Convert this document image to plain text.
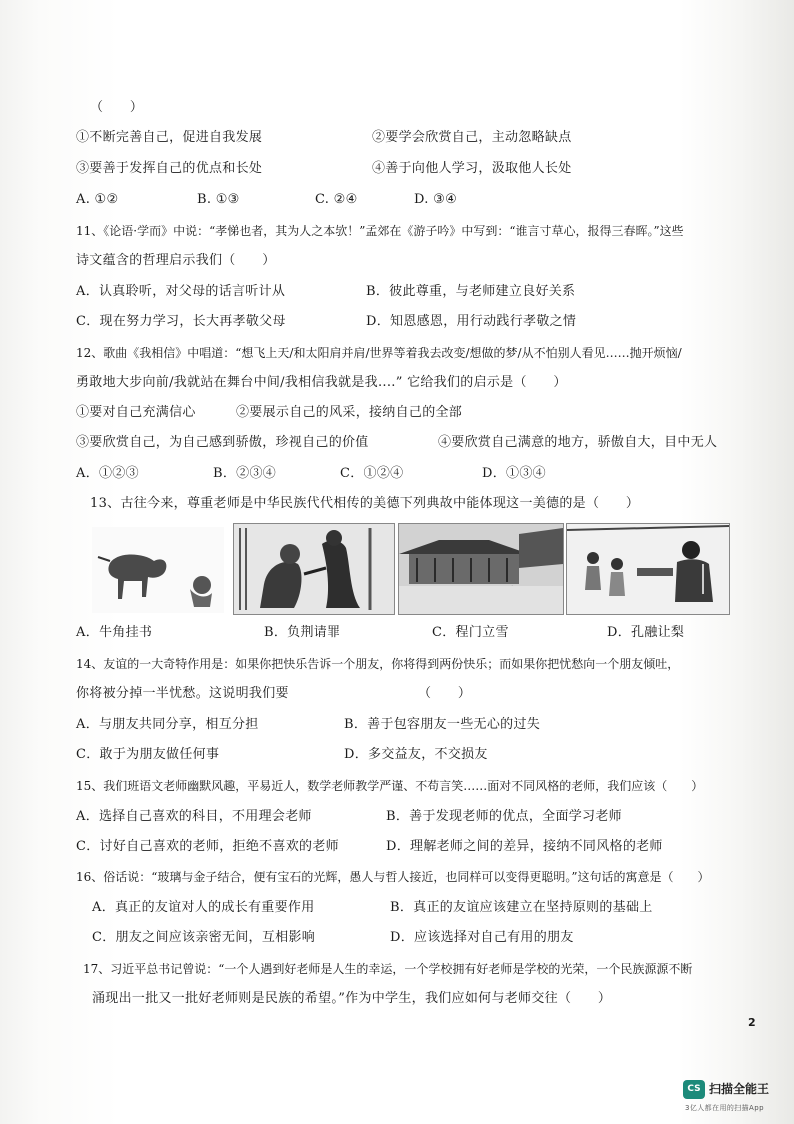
（　　）
①不断完善自己，促进自我发展	②要学会欣赏自己，主动忽略缺点
③要善于发挥自己的优点和长处	④善于向他人学习，汲取他人长处
A. ①②	B. ①③	C. ②④	D. ③④
11、《论语·学而》中说：“孝悌也者，其为人之本欤！”孟郊在《游子吟》中写到：“谁言寸草心，报得三春晖。”这些
诗文蕴含的哲理启示我们（　　）
A．认真聆听，对父母的话言听计从	B．彼此尊重，与老师建立良好关系
C．现在努力学习，长大再孝敬父母	D．知恩感恩，用行动践行孝敬之情
12、歌曲《我相信》中唱道：“想飞上天/和太阳肩并肩/世界等着我去改变/想做的梦/从不怕别人看见……抛开烦恼/
勇敢地大步向前/我就站在舞台中间/我相信我就是我....” 它给我们的启示是（　　）
①要对自己充满信心	②要展示自己的风采，接纳自己的全部
③要欣赏自己，为自己感到骄傲，珍视自己的价值	④要欣赏自己满意的地方，骄傲自大，目中无人
A．①②③	B．②③④	C．①②④	D．①③④
13、古往今来，尊重老师是中华民族代代相传的美德下列典故中能体现这一美德的是（　　）
A．牛角挂书	B．负荆请罪	C．程门立雪	D．孔融让梨
14、友谊的一大奇特作用是：如果你把快乐告诉一个朋友，你将得到两份快乐；而如果你把忧愁向一个朋友倾吐，
你将被分掉一半忧愁。这说明我们要	（　　）
A．与朋友共同分享，相互分担	B．善于包容朋友一些无心的过失
C．敢于为朋友做任何事	D．多交益友，不交损友
15、我们班语文老师幽默风趣，平易近人，数学老师教学严谨、不苟言笑……面对不同风格的老师，我们应该（　　）
A．选择自己喜欢的科目，不用理会老师	B．善于发现老师的优点，全面学习老师
C．讨好自己喜欢的老师，拒绝不喜欢的老师	D．理解老师之间的差异，接纳不同风格的老师
16、俗话说：“玻璃与金子结合，便有宝石的光辉，愚人与哲人接近，也同样可以变得更聪明。”这句话的寓意是（　　）
A．真正的友谊对人的成长有重要作用	B．真正的友谊应该建立在坚持原则的基础上
C．朋友之间应该亲密无间，互相影响	D．应该选择对自己有用的朋友
17、习近平总书记曾说：“一个人遇到好老师是人生的幸运，一个学校拥有好老师是学校的光荣，一个民族源源不断
涌现出一批又一批好老师则是民族的希望。”作为中学生，我们应如何与老师交往（　　）
2
CS 扫描全能王
3亿人都在用的扫描App
